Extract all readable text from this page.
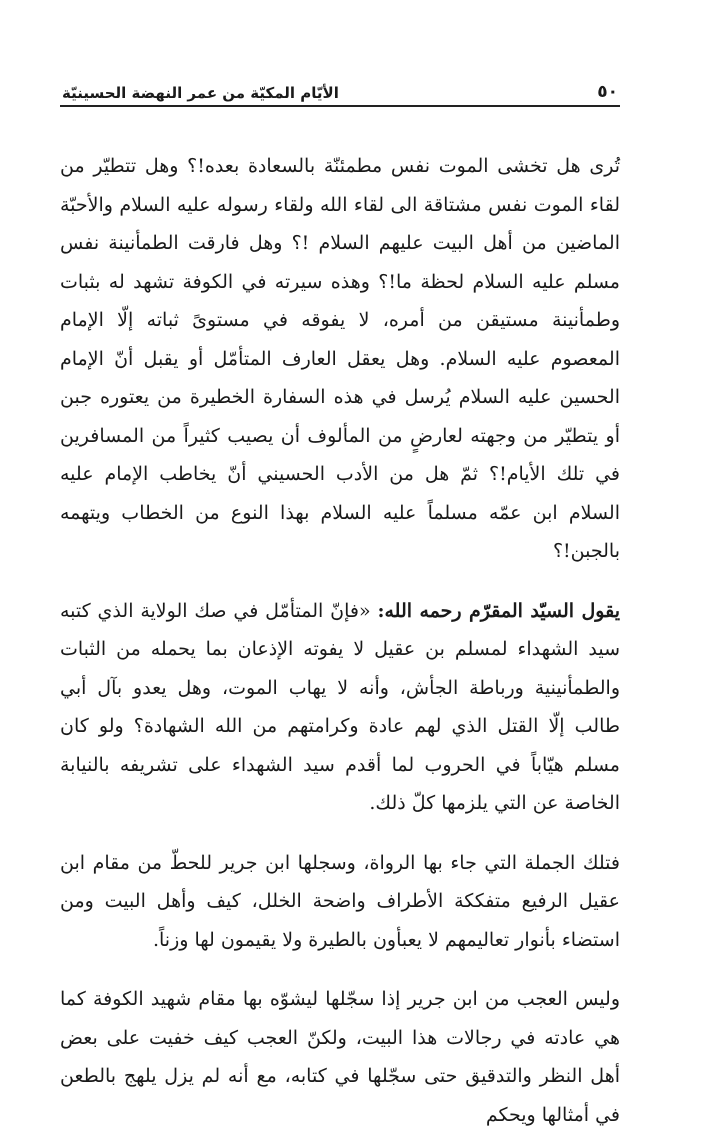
٥٠
الأيّام المكيّة من عمر النهضة الحسينيّة

تُرى هل تخشى الموت نفس مطمئنّة بالسعادة بعده!؟ وهل تتطيّر من لقاء الموت نفس مشتاقة الى لقاء الله ولقاء رسوله عليه السلام والأحبّة الماضين من أهل البيت عليهم السلام !؟ وهل فارقت الطمأنينة نفس مسلم عليه السلام لحظة ما!؟ وهذه سيرته في الكوفة تشهد له بثبات وطمأنينة مستيقن من أمره، لا يفوقه في مستوىً ثباته إلّا الإمام المعصوم عليه السلام. وهل يعقل العارف المتأمّل أو يقبل أنّ الإمام الحسين عليه السلام يُرسل في هذه السفارة الخطيرة من يعتوره جبن أو يتطيّر من وجهته لعارضٍ من المألوف أن يصيب كثيراً من المسافرين في تلك الأيام!؟ ثمّ هل من الأدب الحسيني أنّ يخاطب الإمام عليه السلام ابن عمّه مسلماً عليه السلام بهذا النوع من الخطاب ويتهمه بالجبن!؟

يقول السيّد المقرّم رحمه الله: «فإنّ المتأمّل في صك الولاية الذي كتبه سيد الشهداء لمسلم بن عقيل لا يفوته الإذعان بما يحمله من الثبات والطمأنينية ورباطة الجأش، وأنه لا يهاب الموت، وهل يعدو بآل أبي طالب إلّا القتل الذي لهم عادة وكرامتهم من الله الشهادة؟ ولو كان مسلم هيّاباً في الحروب لما أقدم سيد الشهداء على تشريفه بالنيابة الخاصة عن التي يلزمها كلّ ذلك.

فتلك الجملة التي جاء بها الرواة، وسجلها ابن جرير للحطّ من مقام ابن عقيل الرفيع متفككة الأطراف واضحة الخلل، كيف وأهل البيت ومن استضاء بأنوار تعاليمهم لا يعبأون بالطيرة ولا يقيمون لها وزناً.

وليس العجب من ابن جرير إذا سجّلها ليشوّه بها مقام شهيد الكوفة كما هي عادته في رجالات هذا البيت، ولكنّ العجب كيف خفيت على بعض أهل النظر والتدقيق حتى سجّلها في كتابه، مع أنه لم يزل يلهج بالطعن في أمثالها ويحكم
